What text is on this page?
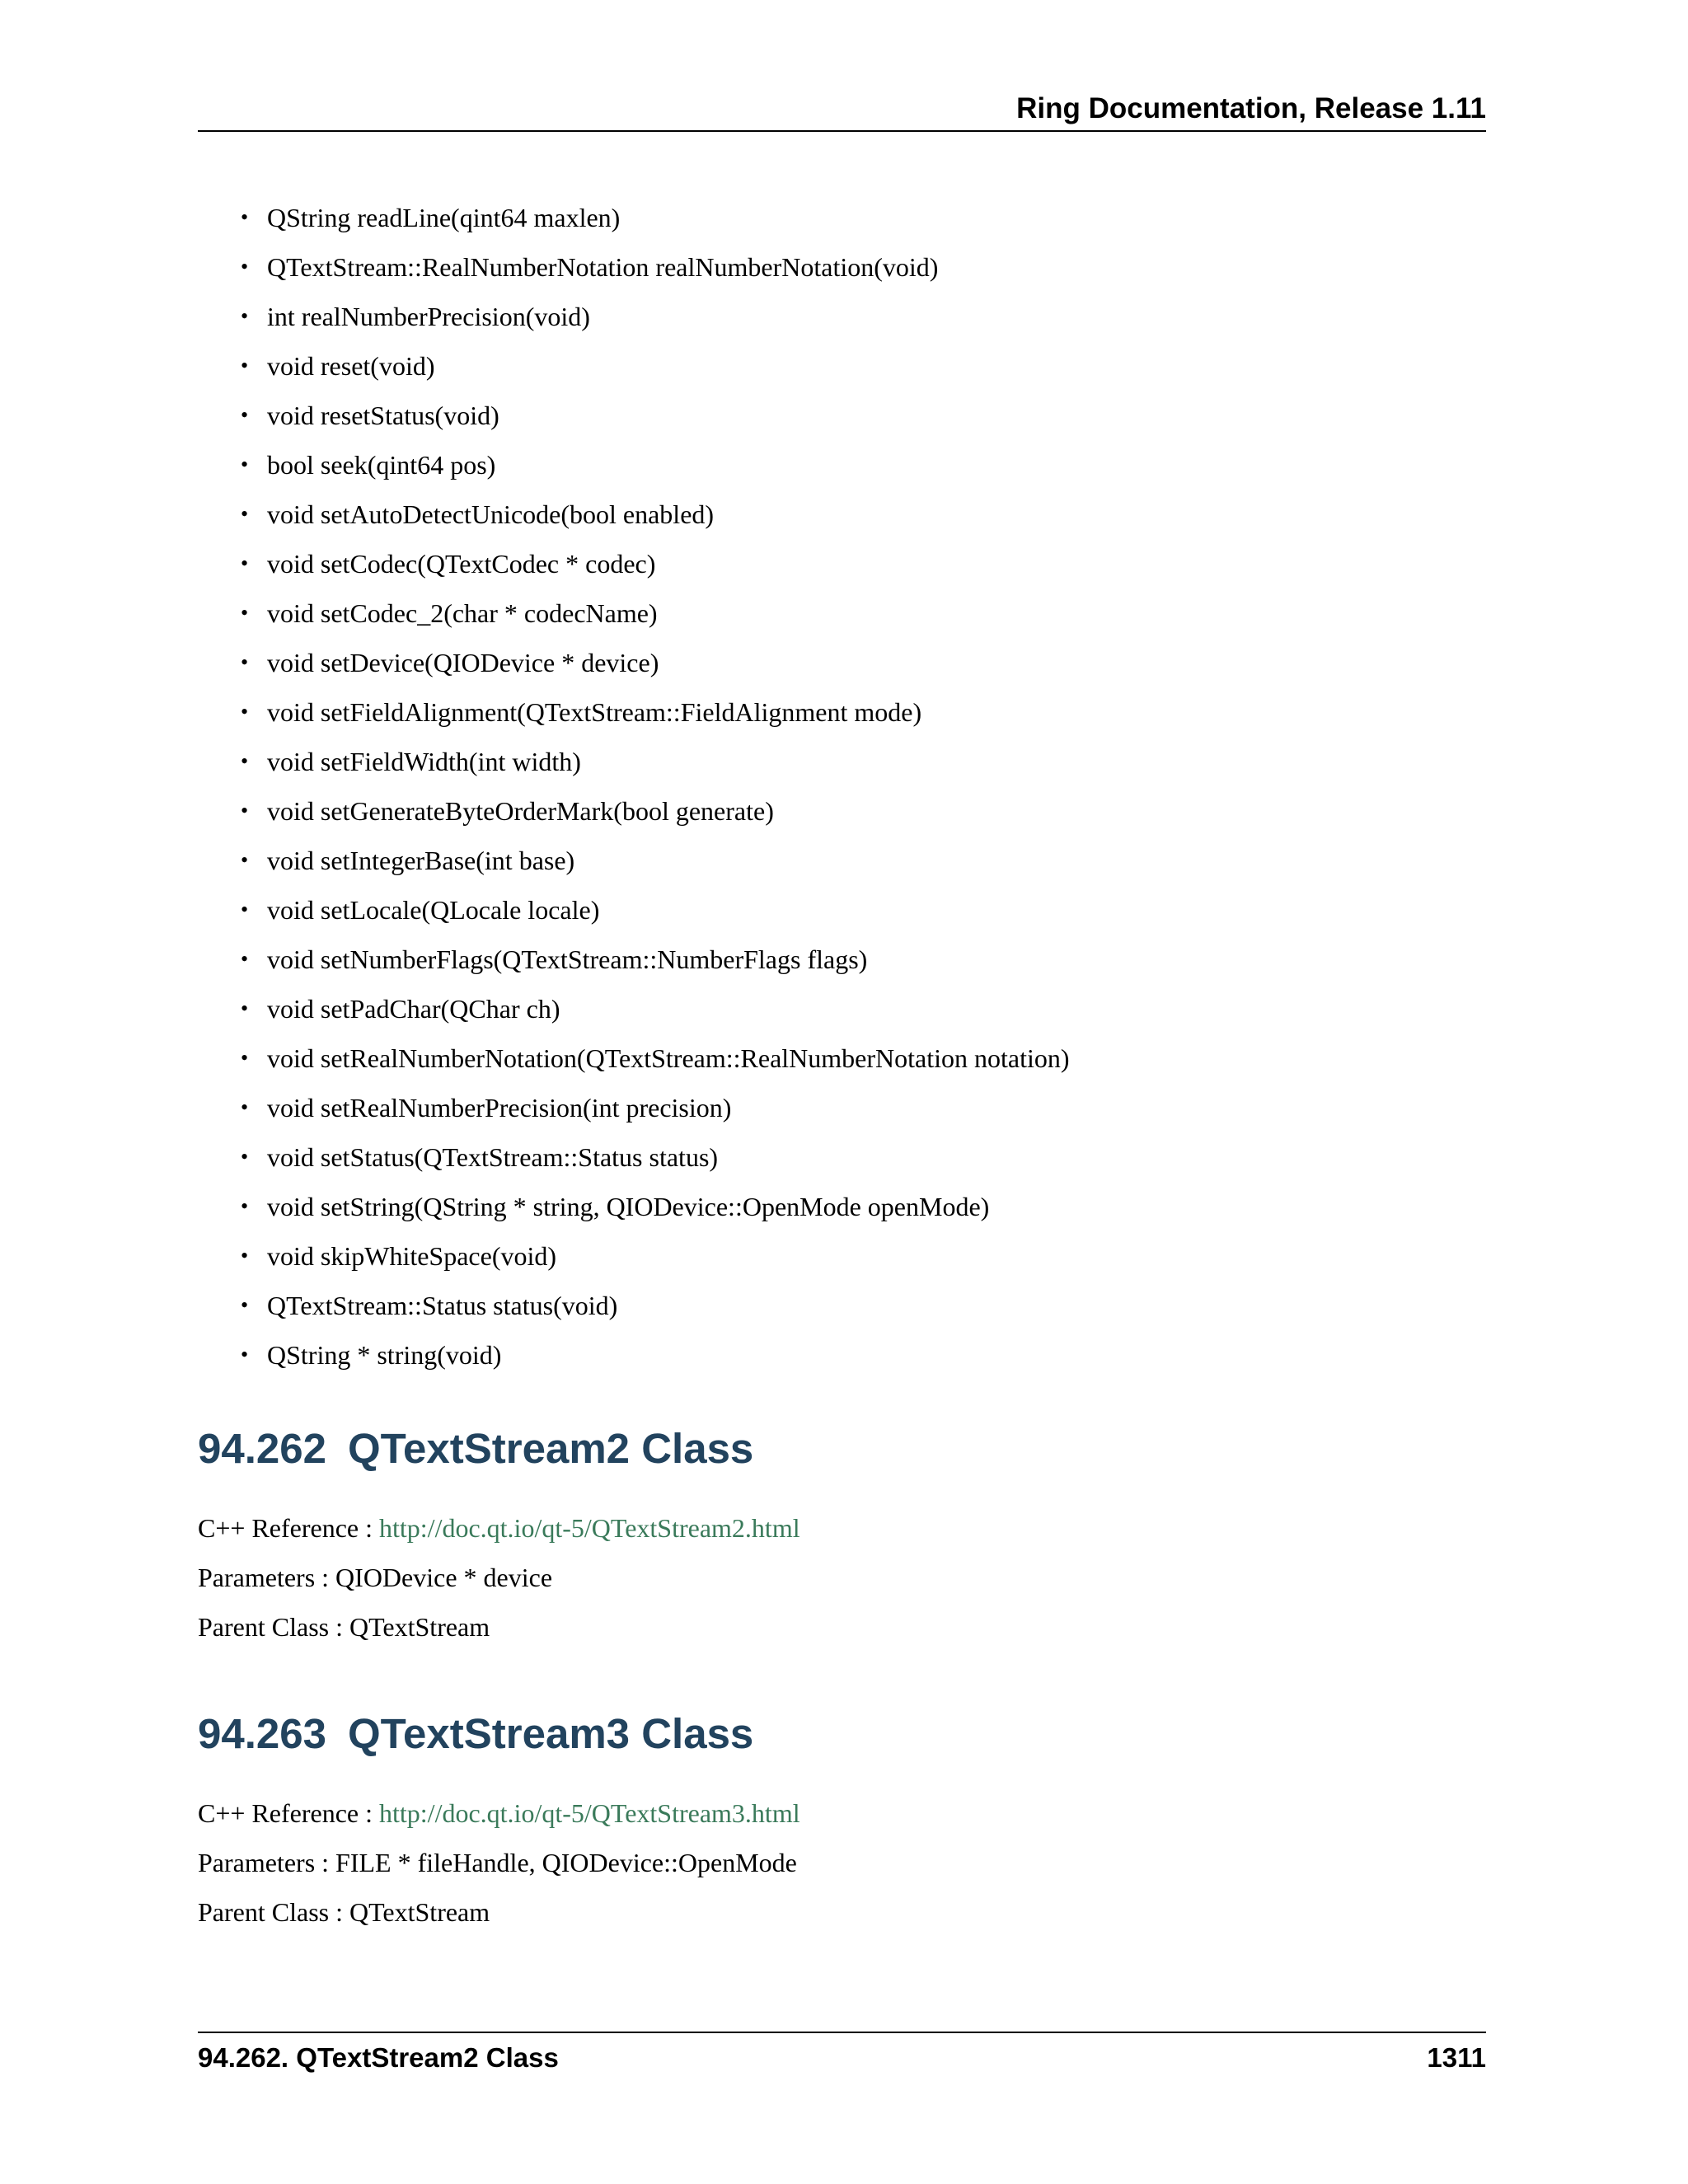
Ring Documentation, Release 1.11
• QString readLine(qint64 maxlen)
• QTextStream::RealNumberNotation realNumberNotation(void)
• int realNumberPrecision(void)
• void reset(void)
• void resetStatus(void)
• bool seek(qint64 pos)
• void setAutoDetectUnicode(bool enabled)
• void setCodec(QTextCodec * codec)
• void setCodec_2(char * codecName)
• void setDevice(QIODevice * device)
• void setFieldAlignment(QTextStream::FieldAlignment mode)
• void setFieldWidth(int width)
• void setGenerateByteOrderMark(bool generate)
• void setIntegerBase(int base)
• void setLocale(QLocale locale)
• void setNumberFlags(QTextStream::NumberFlags flags)
• void setPadChar(QChar ch)
• void setRealNumberNotation(QTextStream::RealNumberNotation notation)
• void setRealNumberPrecision(int precision)
• void setStatus(QTextStream::Status status)
• void setString(QString * string, QIODevice::OpenMode openMode)
• void skipWhiteSpace(void)
• QTextStream::Status status(void)
• QString * string(void)
94.262 QTextStream2 Class
C++ Reference : http://doc.qt.io/qt-5/QTextStream2.html
Parameters : QIODevice * device
Parent Class : QTextStream
94.263 QTextStream3 Class
C++ Reference : http://doc.qt.io/qt-5/QTextStream3.html
Parameters : FILE * fileHandle, QIODevice::OpenMode
Parent Class : QTextStream
94.262. QTextStream2 Class	1311
